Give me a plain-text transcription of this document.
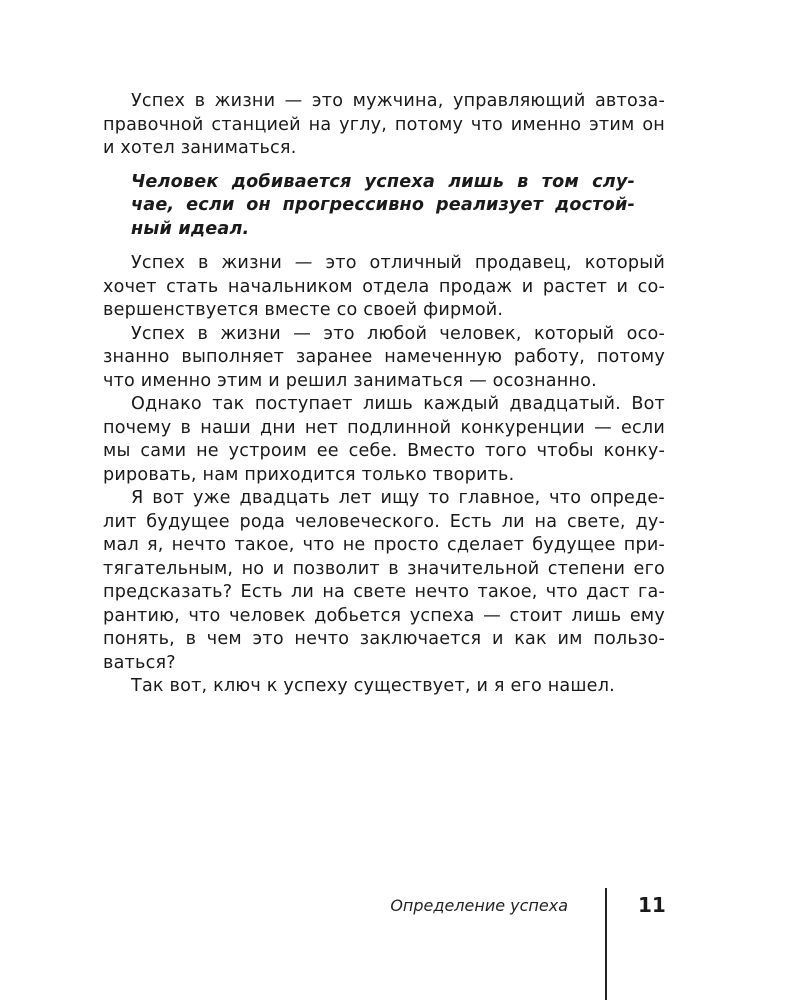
Успех в жизни — это мужчина, управляющий автоза-
правочной станцией на углу, потому что именно этим он
и хотел заниматься.

Человек добивается успеха лишь в том слу-
чае, если он прогрессивно реализует достой-
ный идеал.

Успех в жизни — это отличный продавец, который
хочет стать начальником отдела продаж и растет и со-
вершенствуется вместе со своей фирмой.

Успех в жизни — это любой человек, который осо-
знанно выполняет заранее намеченную работу, потому
что именно этим и решил заниматься — осознанно.

Однако так поступает лишь каждый двадцатый. Вот
почему в наши дни нет подлинной конкуренции — если
мы сами не устроим ее себе. Вместо того чтобы конку-
рировать, нам приходится только творить.

Я вот уже двадцать лет ищу то главное, что опреде-
лит будущее рода человеческого. Есть ли на свете, ду-
мал я, нечто такое, что не просто сделает будущее при-
тягательным, но и позволит в значительной степени его
предсказать? Есть ли на свете нечто такое, что даст га-
рантию, что человек добьется успеха — стоит лишь ему
понять, в чем это нечто заключается и как им пользо-
ваться?

Так вот, ключ к успеху существует, и я его нашел.

Определение успеха	11
